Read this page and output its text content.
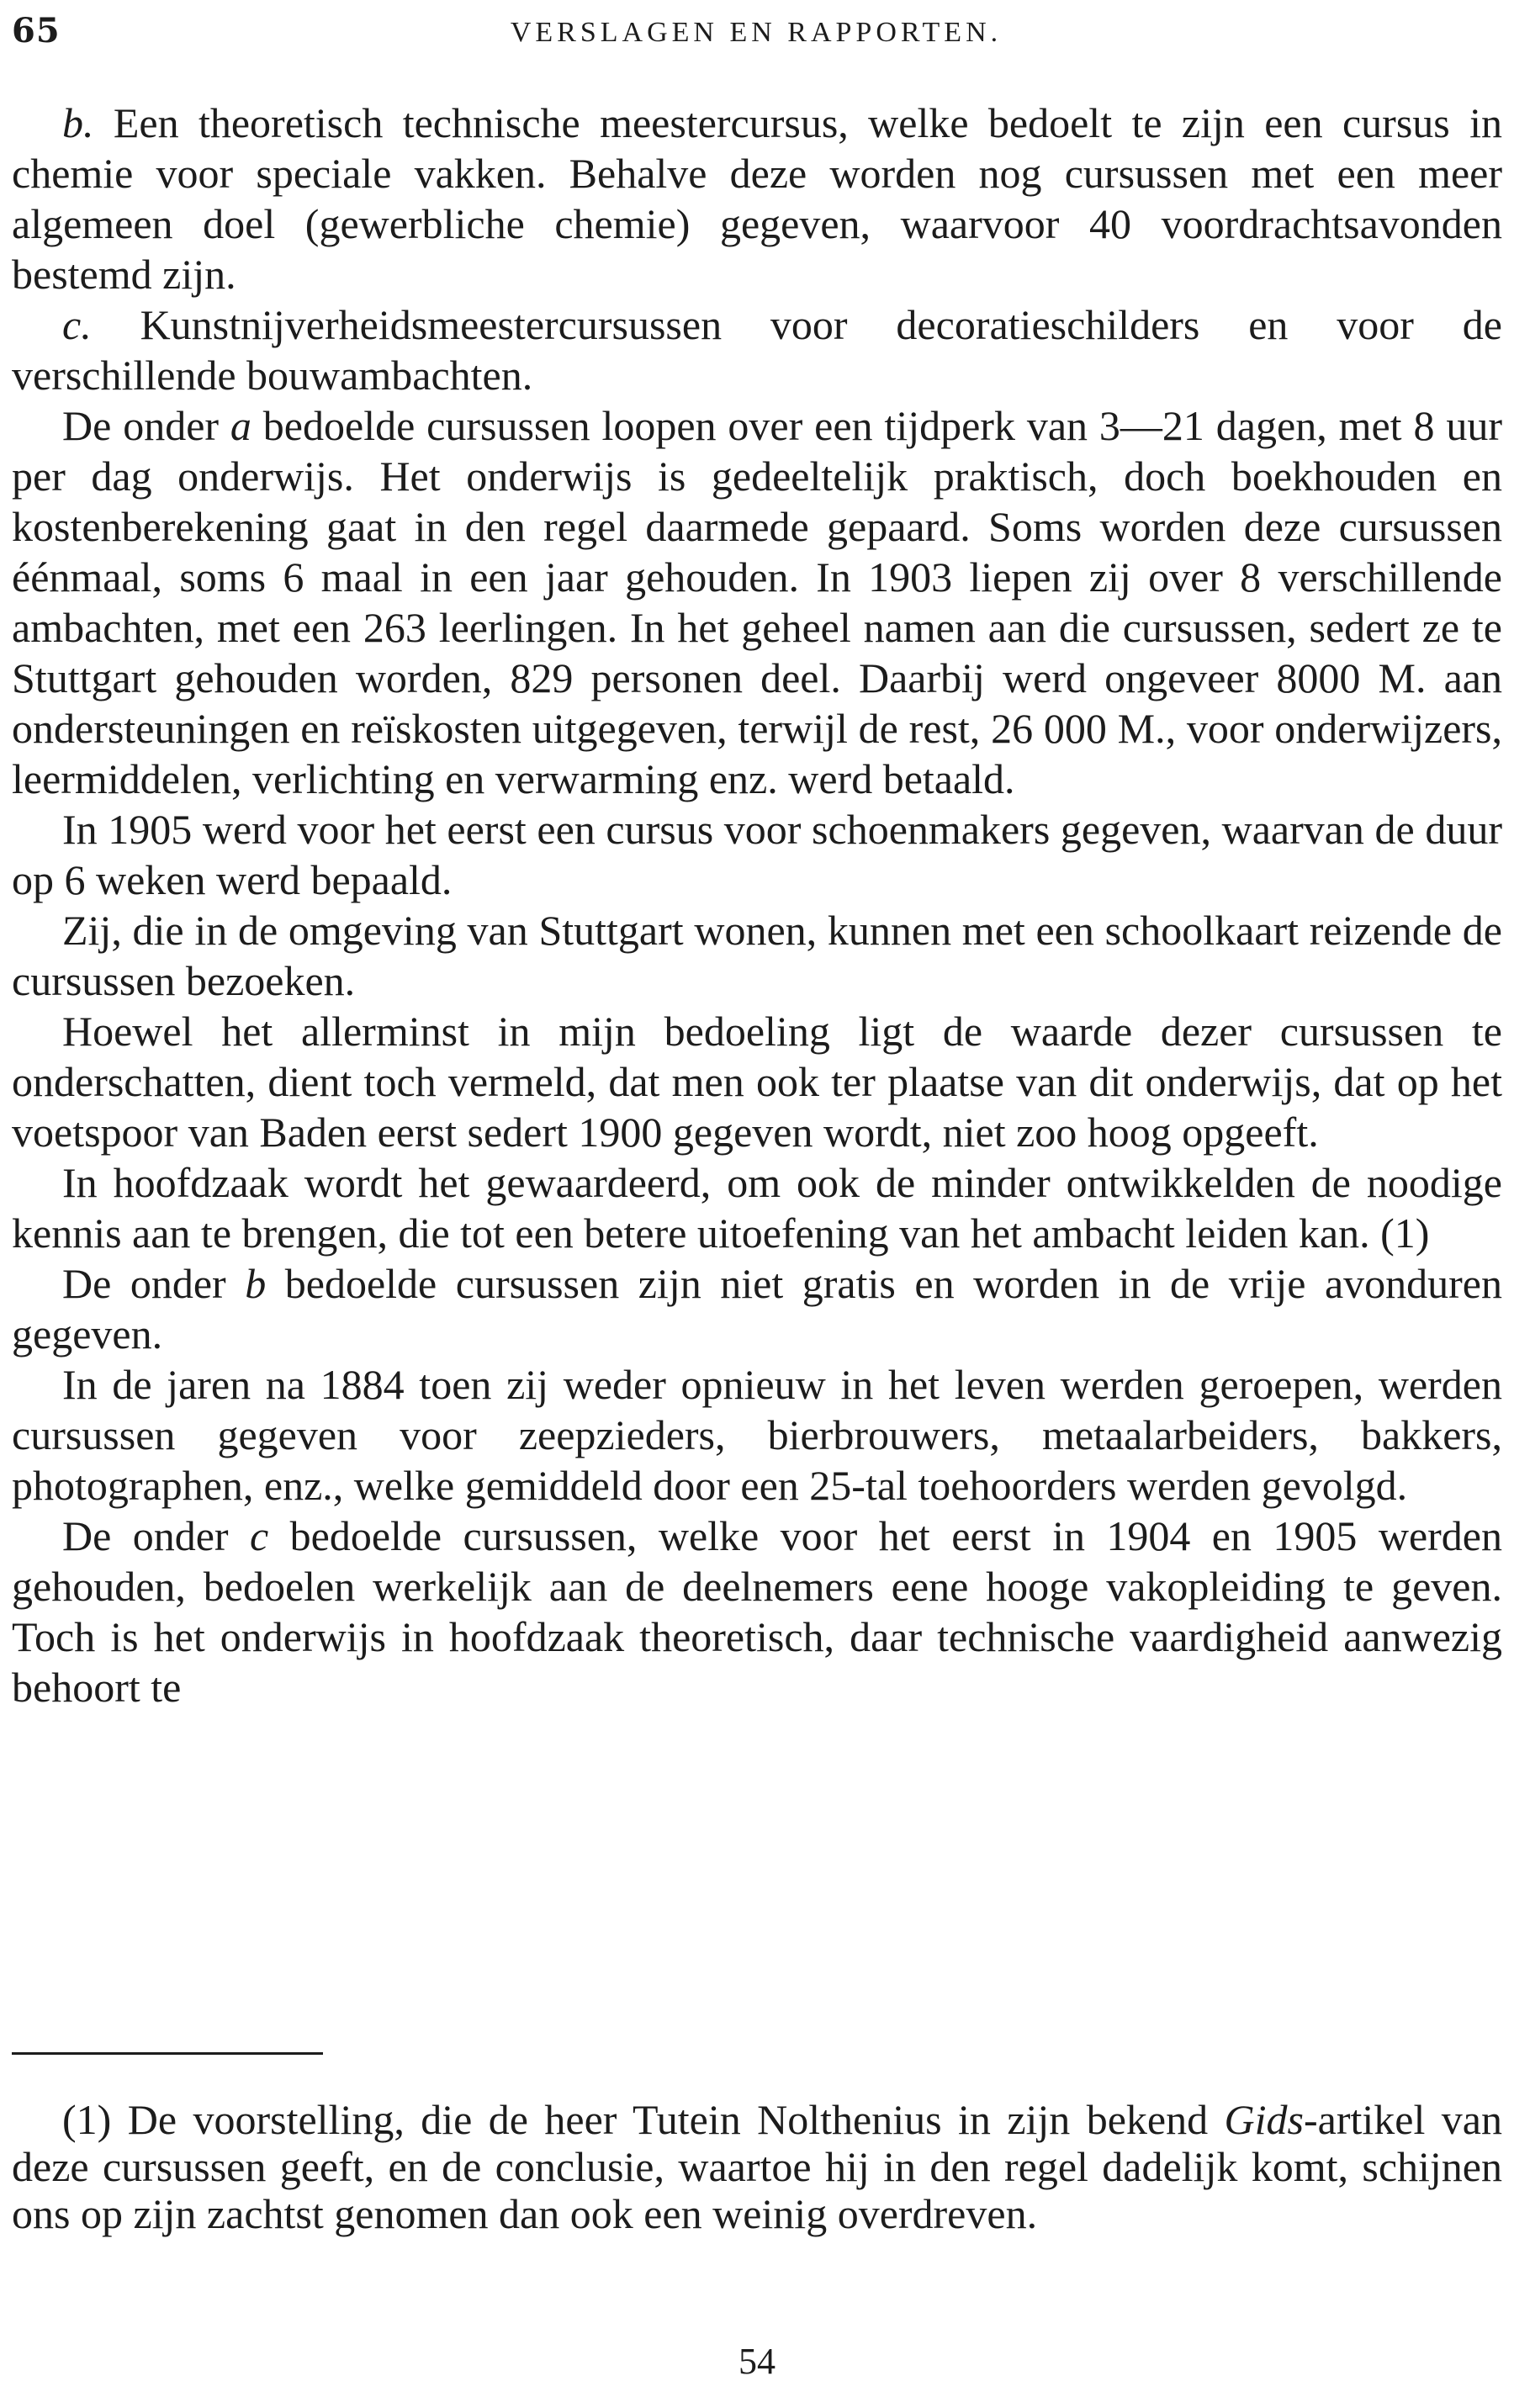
65	VERSLAGEN EN RAPPORTEN.

b. Een theoretisch technische meestercursus, welke bedoelt te zijn een cursus in chemie voor speciale vakken. Behalve deze worden nog cursussen met een meer algemeen doel (gewerbliche chemie) gegeven, waarvoor 40 voordrachtsavonden bestemd zijn.

c. Kunstnijverheidsmeestercursussen voor decoratieschilders en voor de verschillende bouwambachten.

De onder a bedoelde cursussen loopen over een tijdperk van 3—21 dagen, met 8 uur per dag onderwijs. Het onderwijs is gedeeltelijk praktisch, doch boekhouden en kostenberekening gaat in den regel daarmede gepaard. Soms worden deze cursussen éénmaal, soms 6 maal in een jaar gehouden. In 1903 liepen zij over 8 verschillende ambachten, met een 263 leerlingen. In het geheel namen aan die cursussen, sedert ze te Stuttgart gehouden worden, 829 personen deel. Daarbij werd ongeveer 8000 M. aan ondersteuningen en reïskosten uitgegeven, terwijl de rest, 26 000 M., voor onderwijzers, leermiddelen, verlichting en verwarming enz. werd betaald.

In 1905 werd voor het eerst een cursus voor schoenmakers gegeven, waarvan de duur op 6 weken werd bepaald.

Zij, die in de omgeving van Stuttgart wonen, kunnen met een schoolkaart reizende de cursussen bezoeken.

Hoewel het allerminst in mijn bedoeling ligt de waarde dezer cursussen te onderschatten, dient toch vermeld, dat men ook ter plaatse van dit onderwijs, dat op het voetspoor van Baden eerst sedert 1900 gegeven wordt, niet zoo hoog opgeeft.

In hoofdzaak wordt het gewaardeerd, om ook de minder ontwikkelden de noodige kennis aan te brengen, die tot een betere uitoefening van het ambacht leiden kan. (1)

De onder b bedoelde cursussen zijn niet gratis en worden in de vrije avonduren gegeven.

In de jaren na 1884 toen zij weder opnieuw in het leven werden geroepen, werden cursussen gegeven voor zeepzieders, bierbrouwers, metaalarbeiders, bakkers, photographen, enz., welke gemiddeld door een 25-tal toehoorders werden gevolgd.

De onder c bedoelde cursussen, welke voor het eerst in 1904 en 1905 werden gehouden, bedoelen werkelijk aan de deelnemers eene hooge vakopleiding te geven. Toch is het onderwijs in hoofdzaak theoretisch, daar technische vaardigheid aanwezig behoort te

(1) De voorstelling, die de heer Tutein Nolthenius in zijn bekend Gids-artikel van deze cursussen geeft, en de conclusie, waartoe hij in den regel dadelijk komt, schijnen ons op zijn zachtst genomen dan ook een weinig overdreven.

54
